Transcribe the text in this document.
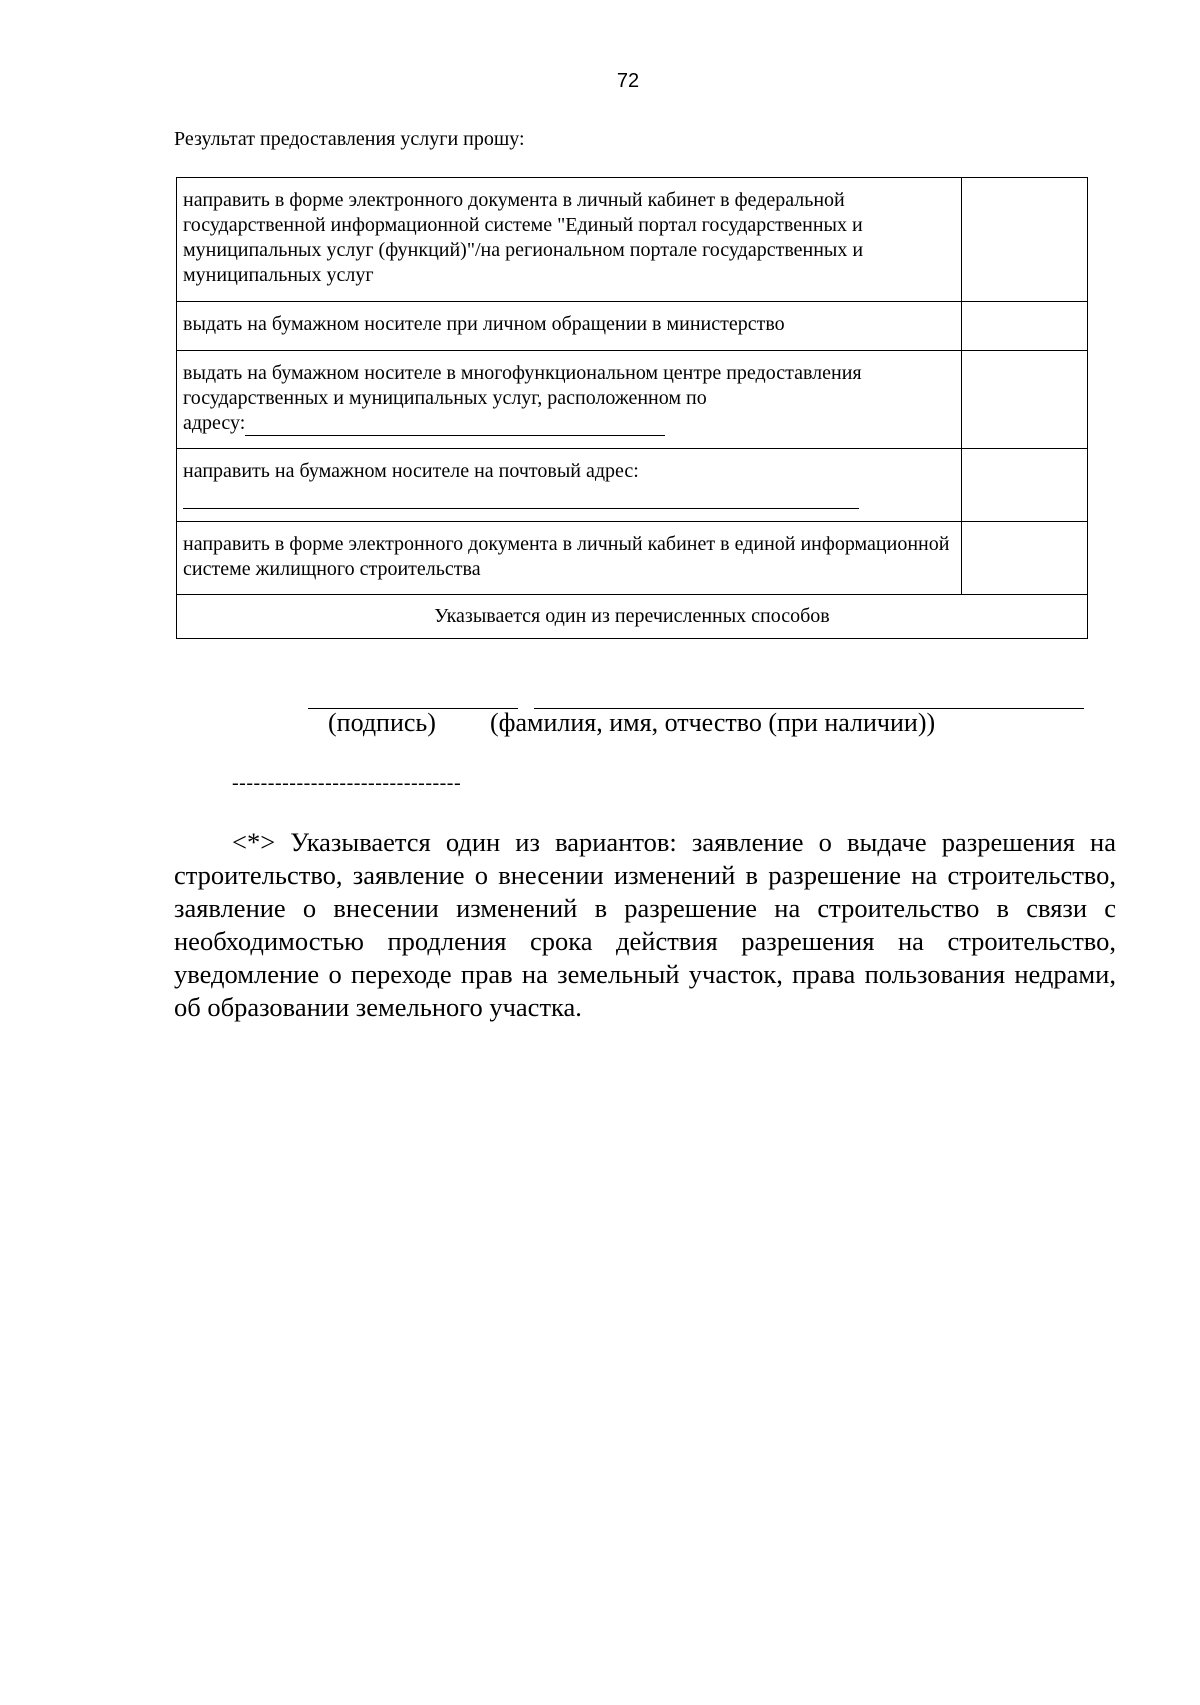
72
Результат предоставления услуги прошу:
направить в форме электронного документа в личный кабинет в федеральной государственной информационной системе "Единый портал государственных и муниципальных услуг (функций)"/на региональном портале государственных и муниципальных услуг	
выдать на бумажном носителе при личном обращении в министерство	
выдать на бумажном носителе в многофункциональном центре предоставления государственных и муниципальных услуг, расположенном по
адресу:	
направить на бумажном носителе на почтовый адрес:

направить в форме электронного документа в личный кабинет в единой информационной системе жилищного строительства	
Указывается один из перечисленных способов	
(подпись) (фамилия, имя, отчество (при наличии))
--------------------------------
<*> Указывается один из вариантов: заявление о выдаче разрешения на строительство, заявление о внесении изменений в разрешение на строительство, заявление о внесении изменений в разрешение на строительство в связи с необходимостью продления срока действия разрешения на строительство, уведомление о переходе прав на земельный участок, права пользования недрами, об образовании земельного участка.
